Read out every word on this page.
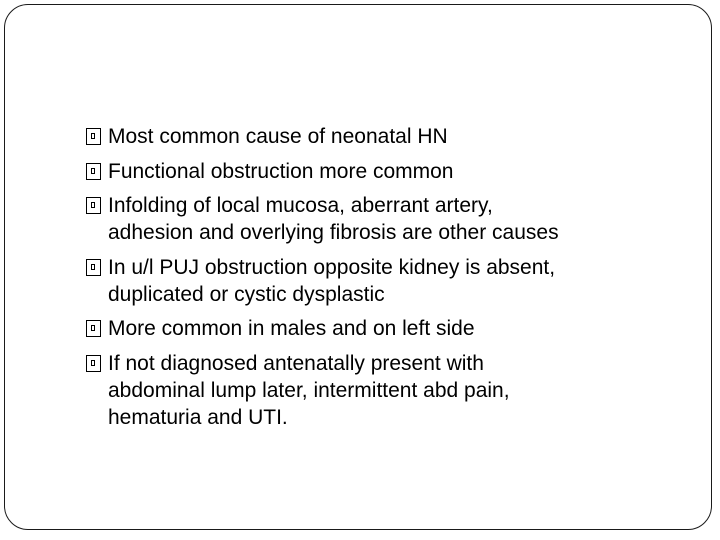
Most common cause of neonatal HN
Functional obstruction more common
Infolding of local mucosa, aberrant artery,
adhesion and overlying fibrosis are other causes
In u/l PUJ obstruction opposite kidney is absent,
duplicated or cystic dysplastic
More common in males and on left side
If not diagnosed antenatally present with
abdominal lump later, intermittent abd pain,
hematuria and UTI.
